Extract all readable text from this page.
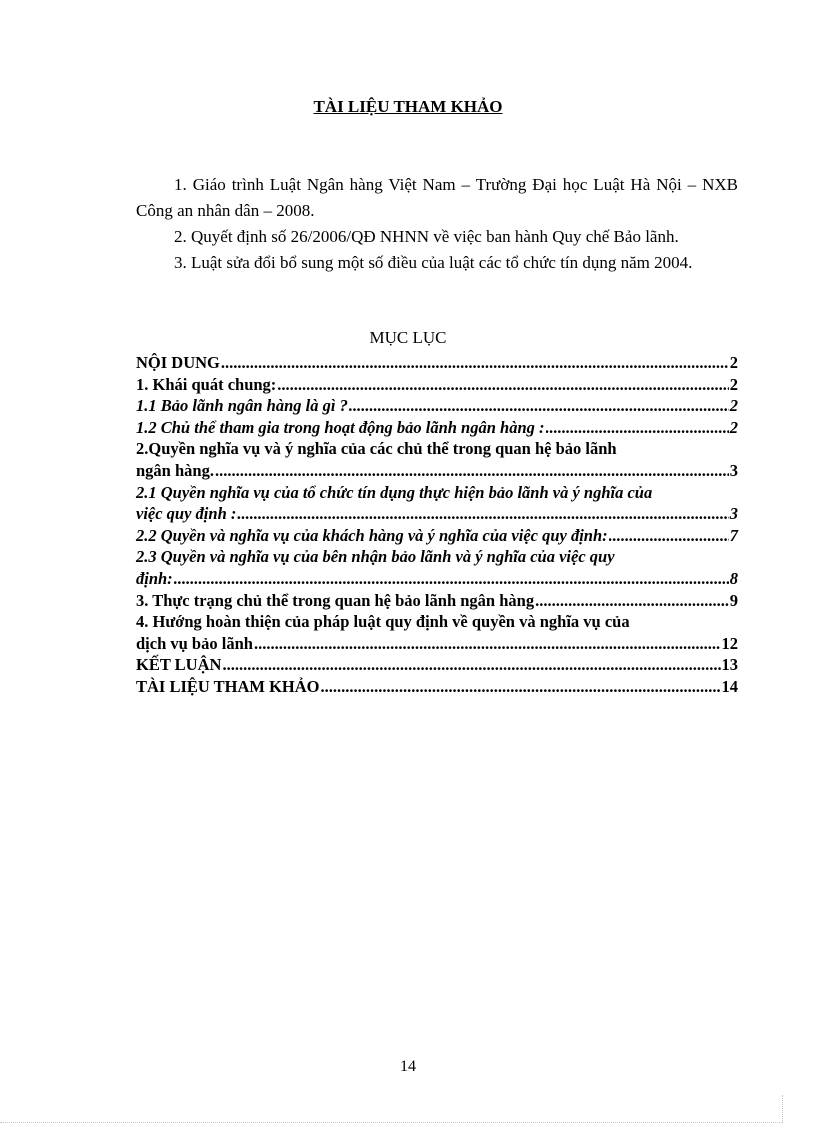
TÀI LIỆU THAM KHẢO

1. Giáo trình Luật Ngân hàng Việt Nam – Trường Đại học Luật Hà Nội – NXB Công an nhân dân – 2008.

2. Quyết định số 26/2006/QĐ NHNN về việc ban hành Quy chế Bảo lãnh.

3. Luật sửa đổi bổ sung một số điều của luật các tổ chức tín dụng năm 2004.

MỤC LỤC
NỘI DUNG .....	2
1. Khái quát chung: .....	2
1.1 Bảo lãnh ngân hàng là gì ? .....	2
1.2 Chủ thể tham gia trong hoạt động bảo lãnh ngân hàng : .....	2
2.Quyền nghĩa vụ và ý nghĩa của các chủ thể trong quan hệ bảo lãnh
ngân hàng. .....	3
2.1 Quyền nghĩa vụ của tổ chức tín dụng thực hiện bảo lãnh và ý nghĩa của
việc quy định : .....	3
2.2 Quyền và nghĩa vụ của khách hàng và ý nghĩa của việc quy định: .....	7
2.3 Quyền và nghĩa vụ của bên nhận bảo lãnh và ý nghĩa của việc quy
định: .....	8
3. Thực trạng chủ thể trong quan hệ bảo lãnh ngân hàng .....	9
4. Hướng hoàn thiện của pháp luật quy định về quyền và nghĩa vụ của
dịch vụ bảo lãnh .....	12
KẾT LUẬN .....	13
TÀI LIỆU THAM KHẢO .....	14
14
